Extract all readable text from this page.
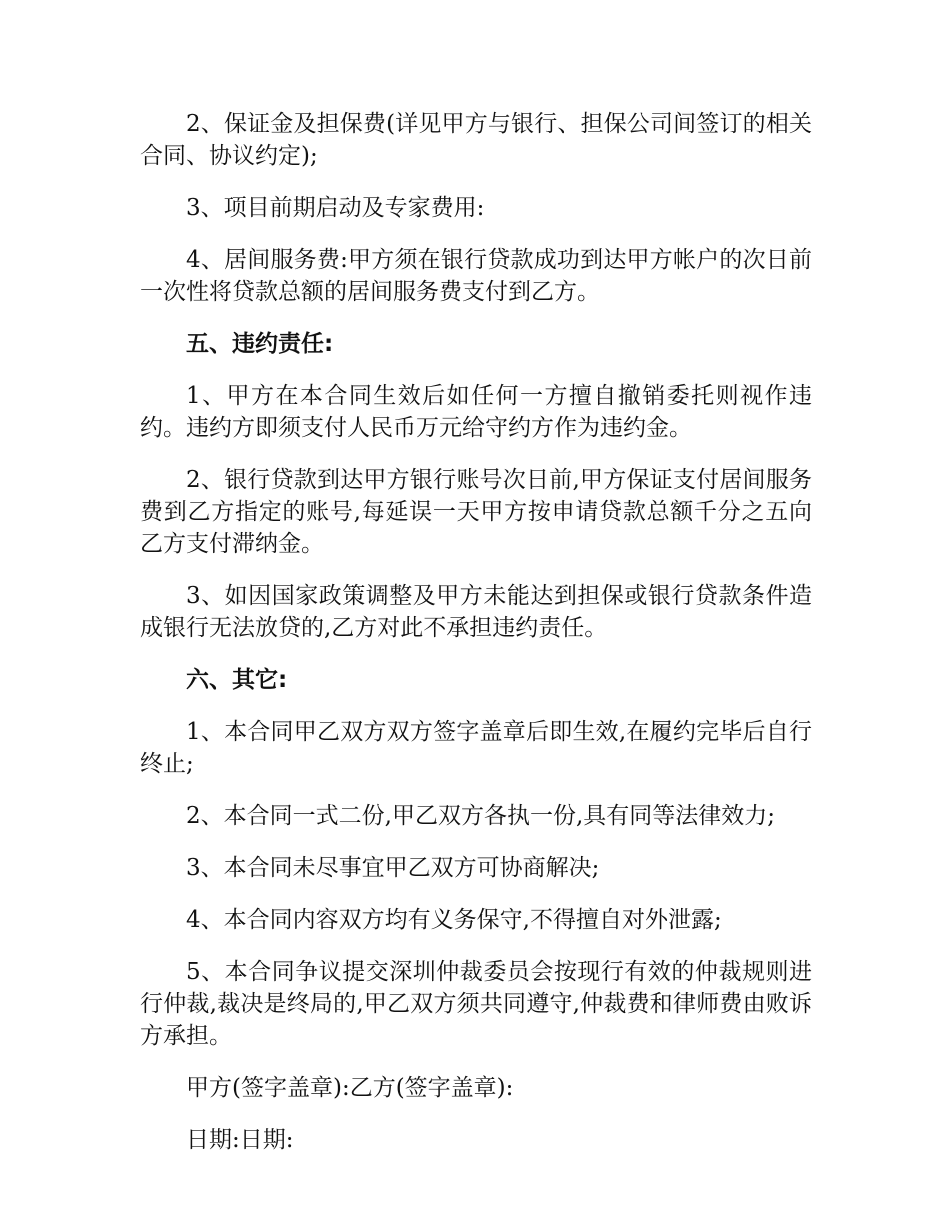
2、保证金及担保费(详见甲方与银行、担保公司间签订的相关合同、协议约定);

3、项目前期启动及专家费用:

4、居间服务费:甲方须在银行贷款成功到达甲方帐户的次日前一次性将贷款总额的居间服务费支付到乙方。

五、违约责任:

1、甲方在本合同生效后如任何一方擅自撤销委托则视作违约。违约方即须支付人民币万元给守约方作为违约金。

2、银行贷款到达甲方银行账号次日前,甲方保证支付居间服务费到乙方指定的账号,每延误一天甲方按申请贷款总额千分之五向乙方支付滞纳金。

3、如因国家政策调整及甲方未能达到担保或银行贷款条件造成银行无法放贷的,乙方对此不承担违约责任。

六、其它:

1、本合同甲乙双方双方签字盖章后即生效,在履约完毕后自行终止;

2、本合同一式二份,甲乙双方各执一份,具有同等法律效力;

3、本合同未尽事宜甲乙双方可协商解决;

4、本合同内容双方均有义务保守,不得擅自对外泄露;

5、本合同争议提交深圳仲裁委员会按现行有效的仲裁规则进行仲裁,裁决是终局的,甲乙双方须共同遵守,仲裁费和律师费由败诉方承担。

甲方(签字盖章):乙方(签字盖章):

日期:日期:
